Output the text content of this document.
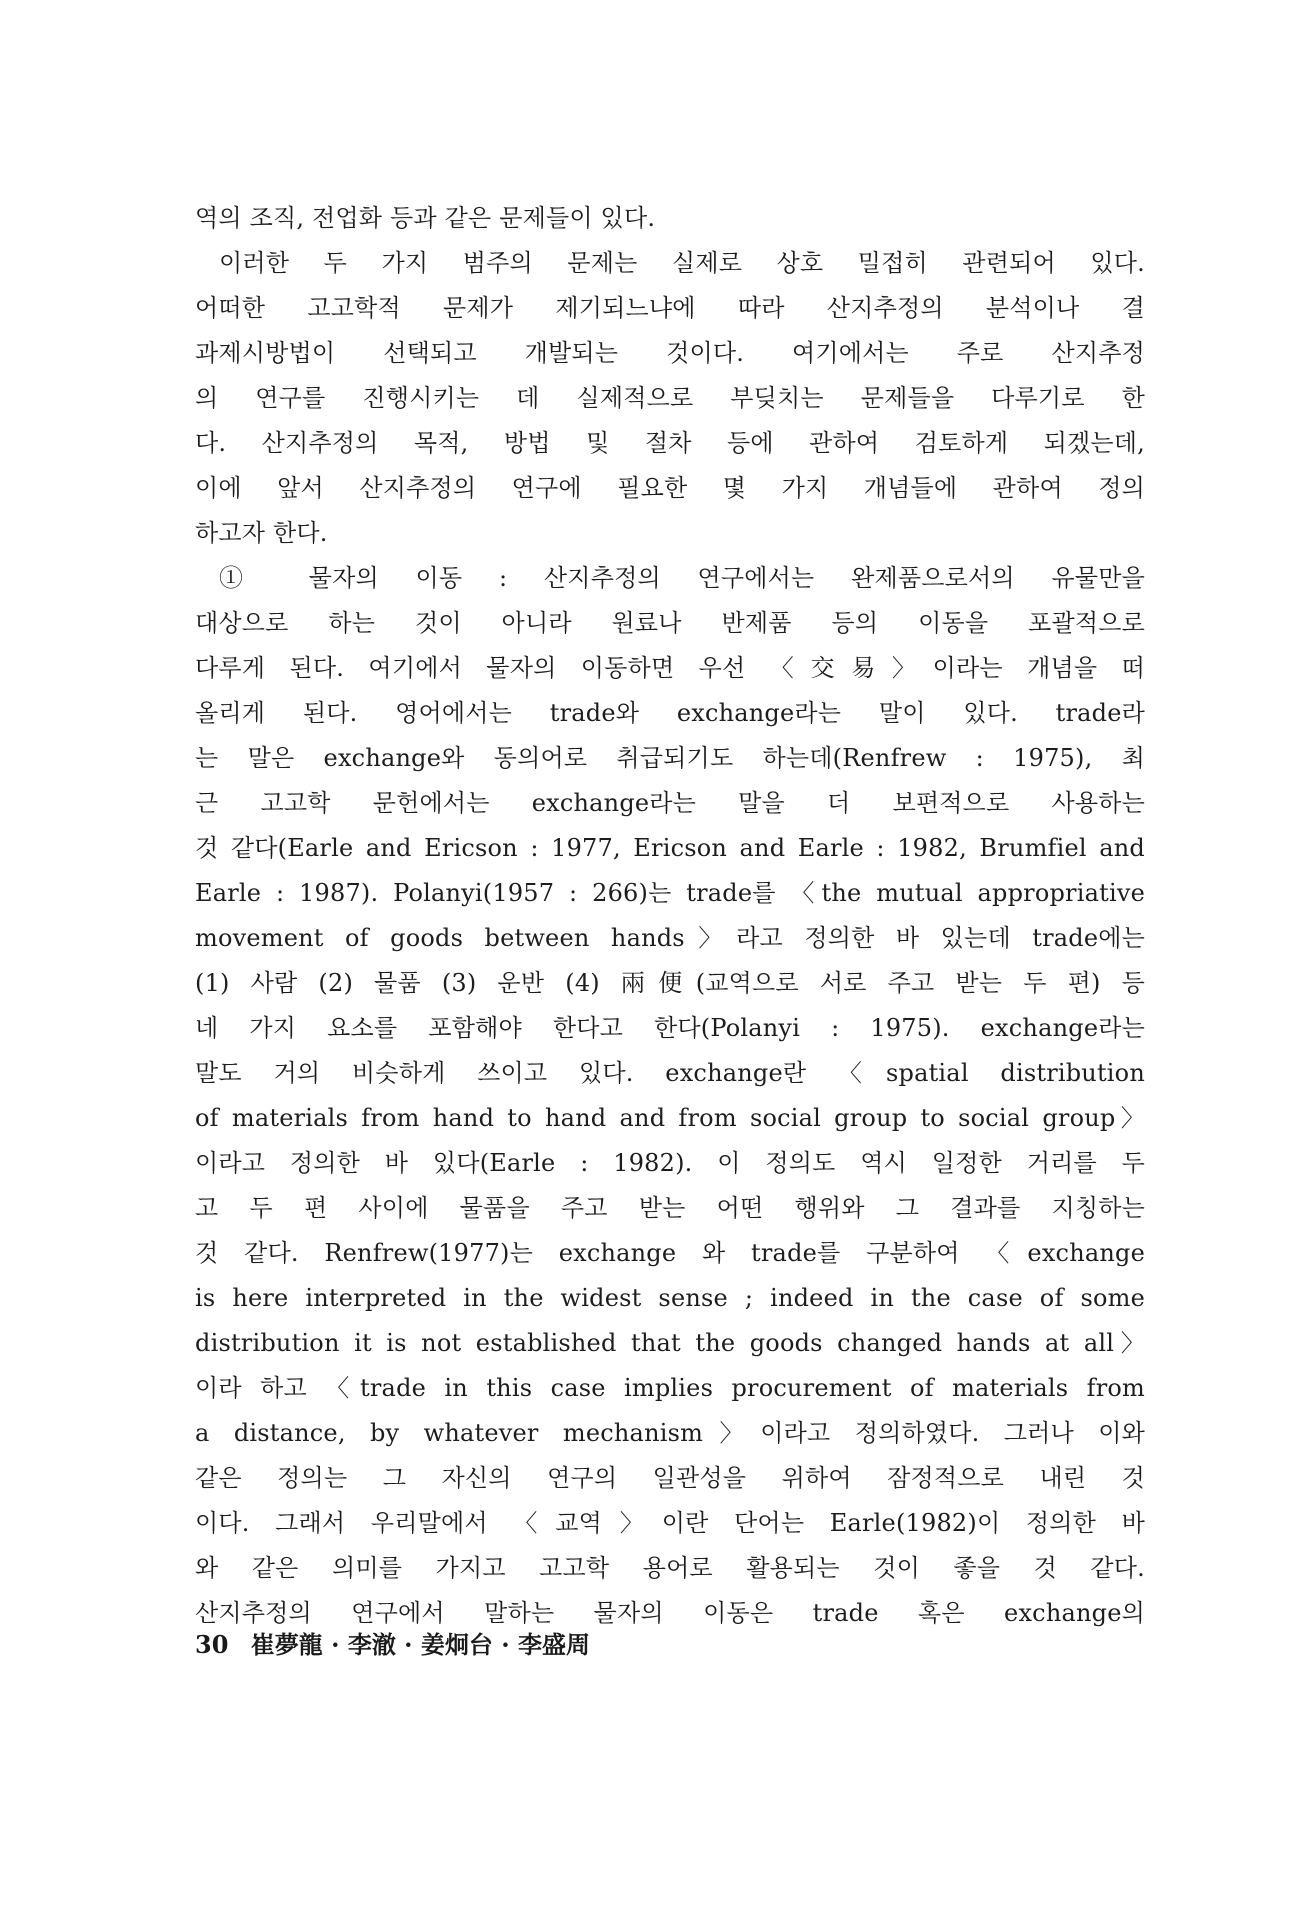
역의 조직, 전업화 등과 같은 문제들이 있다.
이러한 두 가지 범주의 문제는 실제로 상호 밀접히 관련되어 있다.
어떠한 고고학적 문제가 제기되느냐에 따라 산지추정의 분석이나 결
과제시방법이 선택되고 개발되는 것이다. 여기에서는 주로 산지추정
의 연구를 진행시키는 데 실제적으로 부딪치는 문제들을 다루기로 한
다. 산지추정의 목적, 방법 및 절차 등에 관하여 검토하게 되겠는데,
이에 앞서 산지추정의 연구에 필요한 몇 가지 개념들에 관하여 정의
하고자 한다.
① 물자의 이동 : 산지추정의 연구에서는 완제품으로서의 유물만을
대상으로 하는 것이 아니라 원료나 반제품 등의 이동을 포괄적으로
다루게 된다. 여기에서 물자의 이동하면 우선 〈交易〉이라는 개념을 떠
올리게 된다. 영어에서는 trade와 exchange라는 말이 있다. trade라
는 말은 exchange와 동의어로 취급되기도 하는데(Renfrew : 1975), 최
근 고고학 문헌에서는 exchange라는 말을 더 보편적으로 사용하는
것 같다(Earle and Ericson : 1977, Ericson and Earle : 1982, Brumfiel and
Earle : 1987). Polanyi(1957 : 266)는 trade를 〈the mutual appropriative
movement of goods between hands〉라고 정의한 바 있는데 trade에는
(1) 사람 (2) 물품 (3) 운반 (4) 兩便(교역으로 서로 주고 받는 두 편) 등
네 가지 요소를 포함해야 한다고 한다(Polanyi : 1975). exchange라는
말도 거의 비슷하게 쓰이고 있다. exchange란 〈spatial distribution
of materials from hand to hand and from social group to social group〉
이라고 정의한 바 있다(Earle : 1982). 이 정의도 역시 일정한 거리를 두
고 두 편 사이에 물품을 주고 받는 어떤 행위와 그 결과를 지칭하는
것 같다. Renfrew(1977)는 exchange 와 trade를 구분하여 〈exchange
is here interpreted in the widest sense ; indeed in the case of some
distribution it is not established that the goods changed hands at all〉
이라 하고 〈trade in this case implies procurement of materials from
a distance, by whatever mechanism〉이라고 정의하였다. 그러나 이와
같은 정의는 그 자신의 연구의 일관성을 위하여 잠정적으로 내린 것
이다. 그래서 우리말에서 〈교역〉이란 단어는 Earle(1982)이 정의한 바
와 같은 의미를 가지고 고고학 용어로 활용되는 것이 좋을 것 같다.
산지추정의 연구에서 말하는 물자의 이동은 trade 혹은 exchange의
30 崔夢龍 · 李澈 · 姜炯台 · 李盛周
